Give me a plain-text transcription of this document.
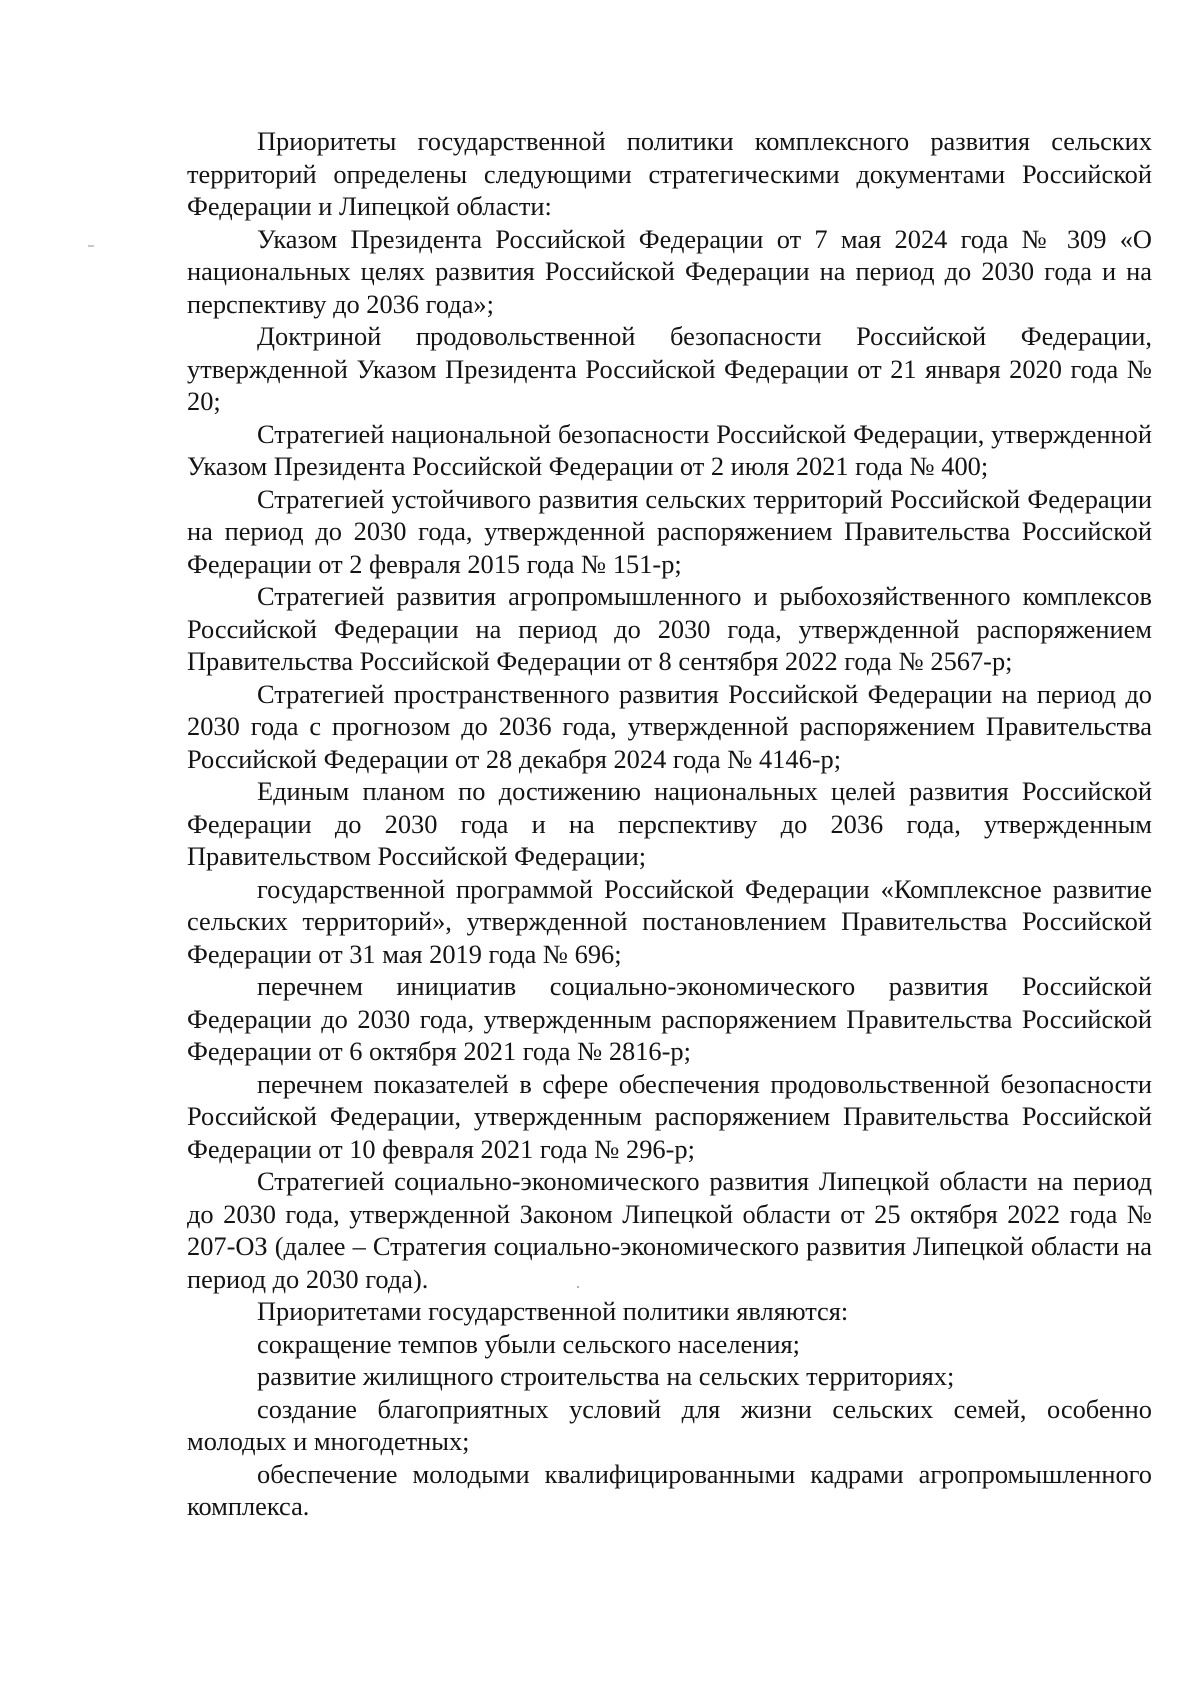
Приоритеты государственной политики комплексного развития сельских территорий определены следующими стратегическими документами Российской Федерации и Липецкой области:

Указом Президента Российской Федерации от 7 мая 2024 года № 309 «О национальных целях развития Российской Федерации на период до 2030 года и на перспективу до 2036 года»;

Доктриной продовольственной безопасности Российской Федерации, утвержденной Указом Президента Российской Федерации от 21 января 2020 года № 20;

Стратегией национальной безопасности Российской Федерации, утвержденной Указом Президента Российской Федерации от 2 июля 2021 года № 400;

Стратегией устойчивого развития сельских территорий Российской Федерации на период до 2030 года, утвержденной распоряжением Правительства Российской Федерации от 2 февраля 2015 года № 151-р;

Стратегией развития агропромышленного и рыбохозяйственного комплексов Российской Федерации на период до 2030 года, утвержденной распоряжением Правительства Российской Федерации от 8 сентября 2022 года № 2567-р;

Стратегией пространственного развития Российской Федерации на период до 2030 года с прогнозом до 2036 года, утвержденной распоряжением Правительства Российской Федерации от 28 декабря 2024 года № 4146-р;

Единым планом по достижению национальных целей развития Российской Федерации до 2030 года и на перспективу до 2036 года, утвержденным Правительством Российской Федерации;

государственной программой Российской Федерации «Комплексное развитие сельских территорий», утвержденной постановлением Правительства Российской Федерации от 31 мая 2019 года № 696;

перечнем инициатив социально-экономического развития Российской Федерации до 2030 года, утвержденным распоряжением Правительства Российской Федерации от 6 октября 2021 года № 2816-р;

перечнем показателей в сфере обеспечения продовольственной безопасности Российской Федерации, утвержденным распоряжением Правительства Российской Федерации от 10 февраля 2021 года № 296-р;

Стратегией социально-экономического развития Липецкой области на период до 2030 года, утвержденной Законом Липецкой области от 25 октября 2022 года № 207-ОЗ (далее – Стратегия социально-экономического развития Липецкой области на период до 2030 года).

Приоритетами государственной политики являются:

сокращение темпов убыли сельского населения;

развитие жилищного строительства на сельских территориях;

создание благоприятных условий для жизни сельских семей, особенно молодых и многодетных;

обеспечение молодыми квалифицированными кадрами агропромышленного комплекса.
